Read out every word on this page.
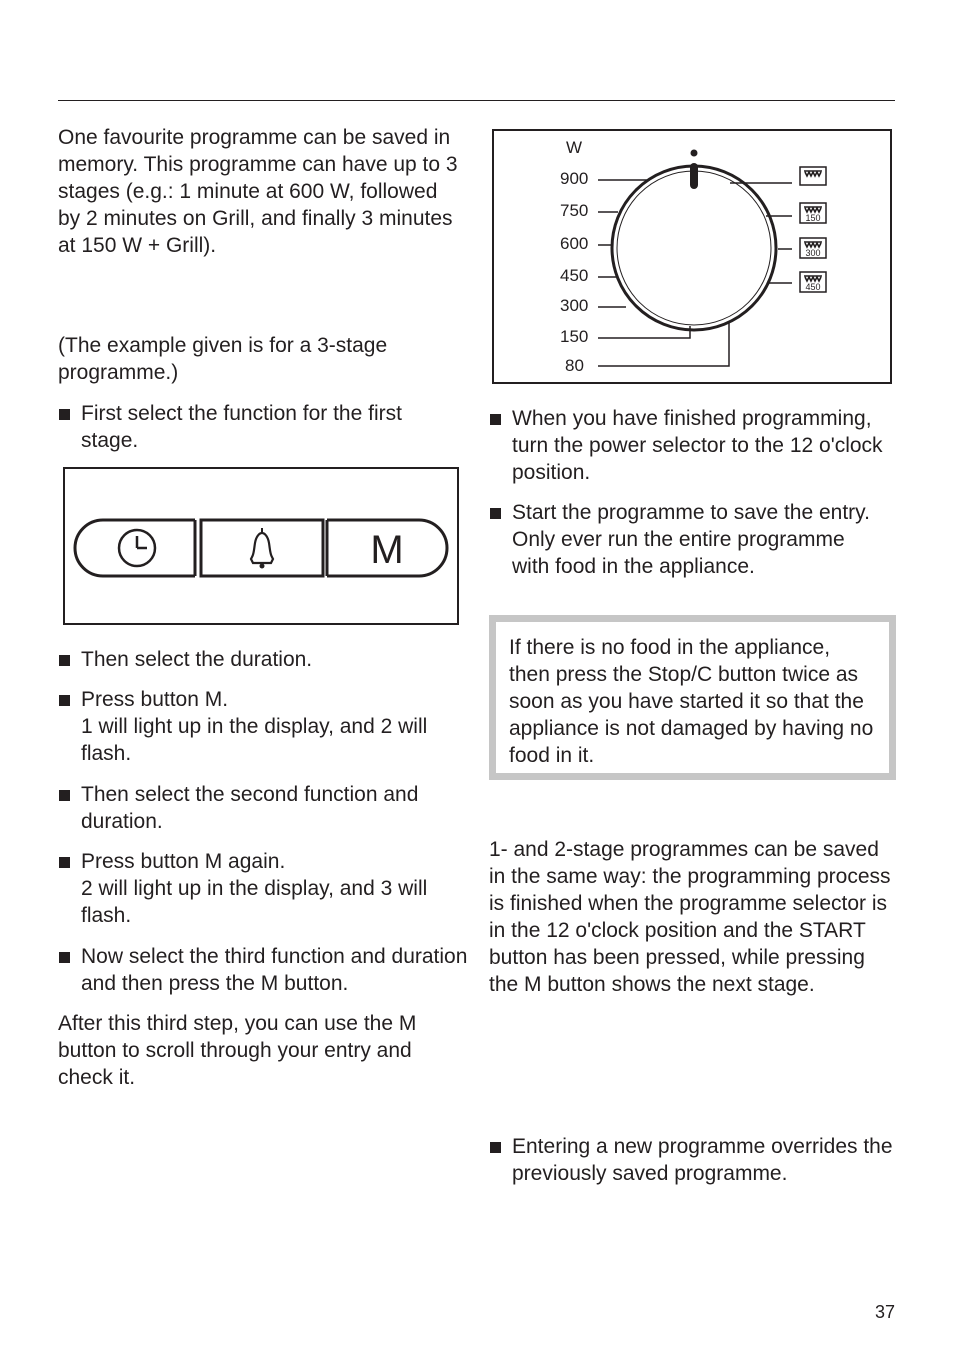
One favourite programme can be saved in memory. This programme can have up to 3 stages (e.g.: 1 minute at 600 W, followed by 2 minutes on Grill, and finally 3 minutes at 150 W + Grill).

(The example given is for a 3-stage programme.)

First select the function for the first stage.

M

Then select the duration.

Press button M.
1 will light up in the display, and 2 will flash.

Then select the second function and duration.

Press button M again.
2 will light up in the display, and 3 will flash.

Now select the third function and duration and then press the M button.

After this third step, you can use the M button to scroll through your entry and check it.

W
900
750
600
450
300
150
80
150
300
450

When you have finished programming, turn the power selector to the 12 o'clock position.

Start the programme to save the entry. Only ever run the entire programme with food in the appliance.

If there is no food in the appliance, then press the Stop/C button twice as soon as you have started it so that the appliance is not damaged by having no food in it.

1- and 2-stage programmes can be saved in the same way: the programming process is finished when the programme selector is in the 12 o'clock position and the START button has been pressed, while pressing the M button shows the next stage.

Entering a new programme overrides the previously saved programme.

37
